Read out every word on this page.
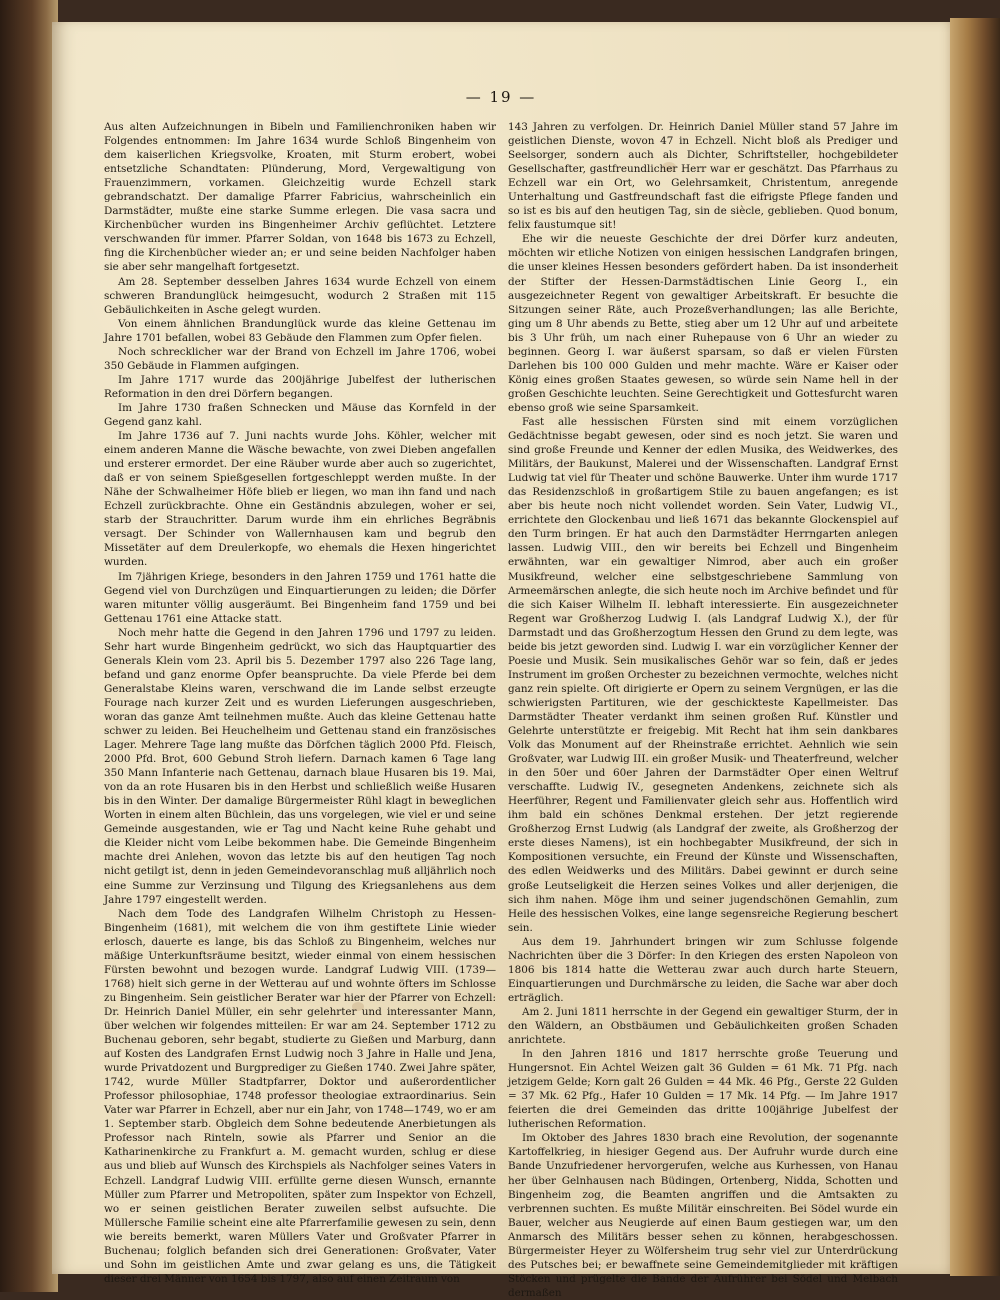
— 19 —

Aus alten Aufzeichnungen in Bibeln und Familienchroniken haben wir Folgendes entnommen: Im Jahre 1634 wurde Schloß Bingenheim von dem kaiserlichen Kriegsvolke, Kroaten, mit Sturm erobert, wobei entsetzliche Schandtaten: Plünderung, Mord, Vergewaltigung von Frauenzimmern, vorkamen. Gleichzeitig wurde Echzell stark gebrandschatzt. Der damalige Pfarrer Fabricius, wahrscheinlich ein Darmstädter, mußte eine starke Summe erlegen. Die vasa sacra und Kirchenbücher wurden ins Bingenheimer Archiv geflüchtet. Letztere verschwanden für immer. Pfarrer Soldan, von 1648 bis 1673 zu Echzell, fing die Kirchenbücher wieder an; er und seine beiden Nachfolger haben sie aber sehr mangelhaft fortgesetzt.

Am 28. September desselben Jahres 1634 wurde Echzell von einem schweren Brandunglück heimgesucht, wodurch 2 Straßen mit 115 Gebäulichkeiten in Asche gelegt wurden.

Von einem ähnlichen Brandunglück wurde das kleine Gettenau im Jahre 1701 befallen, wobei 83 Gebäude den Flammen zum Opfer fielen.

Noch schrecklicher war der Brand von Echzell im Jahre 1706, wobei 350 Gebäude in Flammen aufgingen.

Im Jahre 1717 wurde das 200jährige Jubelfest der lutherischen Reformation in den drei Dörfern begangen.

Im Jahre 1730 fraßen Schnecken und Mäuse das Kornfeld in der Gegend ganz kahl.

Im Jahre 1736 auf 7. Juni nachts wurde Johs. Köhler, welcher mit einem anderen Manne die Wäsche bewachte, von zwei Dieben angefallen und ersterer ermordet. Der eine Räuber wurde aber auch so zugerichtet, daß er von seinem Spießgesellen fortgeschleppt werden mußte. In der Nähe der Schwalheimer Höfe blieb er liegen, wo man ihn fand und nach Echzell zurückbrachte. Ohne ein Geständnis abzulegen, woher er sei, starb der Strauchritter. Darum wurde ihm ein ehrliches Begräbnis versagt. Der Schinder von Wallernhausen kam und begrub den Missetäter auf dem Dreulerkopfe, wo ehemals die Hexen hingerichtet wurden.

Im 7jährigen Kriege, besonders in den Jahren 1759 und 1761 hatte die Gegend viel von Durchzügen und Einquartierungen zu leiden; die Dörfer waren mitunter völlig ausgeräumt. Bei Bingenheim fand 1759 und bei Gettenau 1761 eine Attacke statt.

Noch mehr hatte die Gegend in den Jahren 1796 und 1797 zu leiden. Sehr hart wurde Bingenheim gedrückt, wo sich das Hauptquartier des Generals Klein vom 23. April bis 5. Dezember 1797 also 226 Tage lang, befand und ganz enorme Opfer beanspruchte. Da viele Pferde bei dem Generalstabe Kleins waren, verschwand die im Lande selbst erzeugte Fourage nach kurzer Zeit und es wurden Lieferungen ausgeschrieben, woran das ganze Amt teilnehmen mußte. Auch das kleine Gettenau hatte schwer zu leiden. Bei Heuchelheim und Gettenau stand ein französisches Lager. Mehrere Tage lang mußte das Dörfchen täglich 2000 Pfd. Fleisch, 2000 Pfd. Brot, 600 Gebund Stroh liefern. Darnach kamen 6 Tage lang 350 Mann Infanterie nach Gettenau, darnach blaue Husaren bis 19. Mai, von da an rote Husaren bis in den Herbst und schließlich weiße Husaren bis in den Winter. Der damalige Bürgermeister Rühl klagt in beweglichen Worten in einem alten Büchlein, das uns vorgelegen, wie viel er und seine Gemeinde ausgestanden, wie er Tag und Nacht keine Ruhe gehabt und die Kleider nicht vom Leibe bekommen habe. Die Gemeinde Bingenheim machte drei Anlehen, wovon das letzte bis auf den heutigen Tag noch nicht getilgt ist, denn in jeden Gemeindevoranschlag muß alljährlich noch eine Summe zur Verzinsung und Tilgung des Kriegsanlehens aus dem Jahre 1797 eingestellt werden.

Nach dem Tode des Landgrafen Wilhelm Christoph zu Hessen-Bingenheim (1681), mit welchem die von ihm gestiftete Linie wieder erlosch, dauerte es lange, bis das Schloß zu Bingenheim, welches nur mäßige Unterkunftsräume besitzt, wieder einmal von einem hessischen Fürsten bewohnt und bezogen wurde. Landgraf Ludwig VIII. (1739—1768) hielt sich gerne in der Wetterau auf und wohnte öfters im Schlosse zu Bingenheim. Sein geistlicher Berater war hier der Pfarrer von Echzell: Dr. Heinrich Daniel Müller, ein sehr gelehrter und interessanter Mann, über welchen wir folgendes mitteilen: Er war am 24. September 1712 zu Buchenau geboren, sehr begabt, studierte zu Gießen und Marburg, dann auf Kosten des Landgrafen Ernst Ludwig noch 3 Jahre in Halle und Jena, wurde Privatdozent und Burgprediger zu Gießen 1740. Zwei Jahre später, 1742, wurde Müller Stadtpfarrer, Doktor und außerordentlicher Professor philosophiae, 1748 professor theologiae extraordinarius. Sein Vater war Pfarrer in Echzell, aber nur ein Jahr, von 1748—1749, wo er am 1. September starb. Obgleich dem Sohne bedeutende Anerbietungen als Professor nach Rinteln, sowie als Pfarrer und Senior an die Katharinenkirche zu Frankfurt a. M. gemacht wurden, schlug er diese aus und blieb auf Wunsch des Kirchspiels als Nachfolger seines Vaters in Echzell. Landgraf Ludwig VIII. erfüllte gerne diesen Wunsch, ernannte Müller zum Pfarrer und Metropoliten, später zum Inspektor von Echzell, wo er seinen geistlichen Berater zuweilen selbst aufsuchte. Die Müllersche Familie scheint eine alte Pfarrerfamilie gewesen zu sein, denn wie bereits bemerkt, waren Müllers Vater und Großvater Pfarrer in Buchenau; folglich befanden sich drei Generationen: Großvater, Vater und Sohn im geistlichen Amte und zwar gelang es uns, die Tätigkeit dieser drei Männer von 1654 bis 1797, also auf einen Zeitraum von

143 Jahren zu verfolgen. Dr. Heinrich Daniel Müller stand 57 Jahre im geistlichen Dienste, wovon 47 in Echzell. Nicht bloß als Prediger und Seelsorger, sondern auch als Dichter, Schriftsteller, hochgebildeter Gesellschafter, gastfreundlicher Herr war er geschätzt. Das Pfarrhaus zu Echzell war ein Ort, wo Gelehrsamkeit, Christentum, anregende Unterhaltung und Gastfreundschaft fast die eifrigste Pflege fanden und so ist es bis auf den heutigen Tag, sin de siècle, geblieben. Quod bonum, felix faustumque sit!

Ehe wir die neueste Geschichte der drei Dörfer kurz andeuten, möchten wir etliche Notizen von einigen hessischen Landgrafen bringen, die unser kleines Hessen besonders gefördert haben. Da ist insonderheit der Stifter der Hessen-Darmstädtischen Linie Georg I., ein ausgezeichneter Regent von gewaltiger Arbeitskraft. Er besuchte die Sitzungen seiner Räte, auch Prozeßverhandlungen; las alle Berichte, ging um 8 Uhr abends zu Bette, stieg aber um 12 Uhr auf und arbeitete bis 3 Uhr früh, um nach einer Ruhepause von 6 Uhr an wieder zu beginnen. Georg I. war äußerst sparsam, so daß er vielen Fürsten Darlehen bis 100 000 Gulden und mehr machte. Wäre er Kaiser oder König eines großen Staates gewesen, so würde sein Name hell in der großen Geschichte leuchten. Seine Gerechtigkeit und Gottesfurcht waren ebenso groß wie seine Sparsamkeit.

Fast alle hessischen Fürsten sind mit einem vorzüglichen Gedächtnisse begabt gewesen, oder sind es noch jetzt. Sie waren und sind große Freunde und Kenner der edlen Musika, des Weidwerkes, des Militärs, der Baukunst, Malerei und der Wissenschaften. Landgraf Ernst Ludwig tat viel für Theater und schöne Bauwerke. Unter ihm wurde 1717 das Residenzschloß in großartigem Stile zu bauen angefangen; es ist aber bis heute noch nicht vollendet worden. Sein Vater, Ludwig VI., errichtete den Glockenbau und ließ 1671 das bekannte Glockenspiel auf den Turm bringen. Er hat auch den Darmstädter Herrngarten anlegen lassen. Ludwig VIII., den wir bereits bei Echzell und Bingenheim erwähnten, war ein gewaltiger Nimrod, aber auch ein großer Musikfreund, welcher eine selbstgeschriebene Sammlung von Armeemärschen anlegte, die sich heute noch im Archive befindet und für die sich Kaiser Wilhelm II. lebhaft interessierte. Ein ausgezeichneter Regent war Großherzog Ludwig I. (als Landgraf Ludwig X.), der für Darmstadt und das Großherzogtum Hessen den Grund zu dem legte, was beide bis jetzt geworden sind. Ludwig I. war ein vorzüglicher Kenner der Poesie und Musik. Sein musikalisches Gehör war so fein, daß er jedes Instrument im großen Orchester zu bezeichnen vermochte, welches nicht ganz rein spielte. Oft dirigierte er Opern zu seinem Vergnügen, er las die schwierigsten Partituren, wie der geschickteste Kapellmeister. Das Darmstädter Theater verdankt ihm seinen großen Ruf. Künstler und Gelehrte unterstützte er freigebig. Mit Recht hat ihm sein dankbares Volk das Monument auf der Rheinstraße errichtet. Aehnlich wie sein Großvater, war Ludwig III. ein großer Musik- und Theaterfreund, welcher in den 50er und 60er Jahren der Darmstädter Oper einen Weltruf verschaffte. Ludwig IV., gesegneten Andenkens, zeichnete sich als Heerführer, Regent und Familienvater gleich sehr aus. Hoffentlich wird ihm bald ein schönes Denkmal erstehen. Der jetzt regierende Großherzog Ernst Ludwig (als Landgraf der zweite, als Großherzog der erste dieses Namens), ist ein hochbegabter Musikfreund, der sich in Kompositionen versuchte, ein Freund der Künste und Wissenschaften, des edlen Weidwerks und des Militärs. Dabei gewinnt er durch seine große Leutseligkeit die Herzen seines Volkes und aller derjenigen, die sich ihm nahen. Möge ihm und seiner jugendschönen Gemahlin, zum Heile des hessischen Volkes, eine lange segensreiche Regierung beschert sein.

Aus dem 19. Jahrhundert bringen wir zum Schlusse folgende Nachrichten über die 3 Dörfer: In den Kriegen des ersten Napoleon von 1806 bis 1814 hatte die Wetterau zwar auch durch harte Steuern, Einquartierungen und Durchmärsche zu leiden, die Sache war aber doch erträglich.

Am 2. Juni 1811 herrschte in der Gegend ein gewaltiger Sturm, der in den Wäldern, an Obstbäumen und Gebäulichkeiten großen Schaden anrichtete.

In den Jahren 1816 und 1817 herrschte große Teuerung und Hungersnot. Ein Achtel Weizen galt 36 Gulden = 61 Mk. 71 Pfg. nach jetzigem Gelde; Korn galt 26 Gulden = 44 Mk. 46 Pfg., Gerste 22 Gulden = 37 Mk. 62 Pfg., Hafer 10 Gulden = 17 Mk. 14 Pfg. — Im Jahre 1917 feierten die drei Gemeinden das dritte 100jährige Jubelfest der lutherischen Reformation.

Im Oktober des Jahres 1830 brach eine Revolution, der sogenannte Kartoffelkrieg, in hiesiger Gegend aus. Der Aufruhr wurde durch eine Bande Unzufriedener hervorgerufen, welche aus Kurhessen, von Hanau her über Gelnhausen nach Büdingen, Ortenberg, Nidda, Schotten und Bingenheim zog, die Beamten angriffen und die Amtsakten zu verbrennen suchten. Es mußte Militär einschreiten. Bei Södel wurde ein Bauer, welcher aus Neugierde auf einen Baum gestiegen war, um den Anmarsch des Militärs besser sehen zu können, herabgeschossen. Bürgermeister Heyer zu Wölfersheim trug sehr viel zur Unterdrückung des Putsches bei; er bewaffnete seine Gemeindemitglieder mit kräftigen Stöcken und prügelte die Bande der Aufrührer bei Södel und Melbach dermaßen
